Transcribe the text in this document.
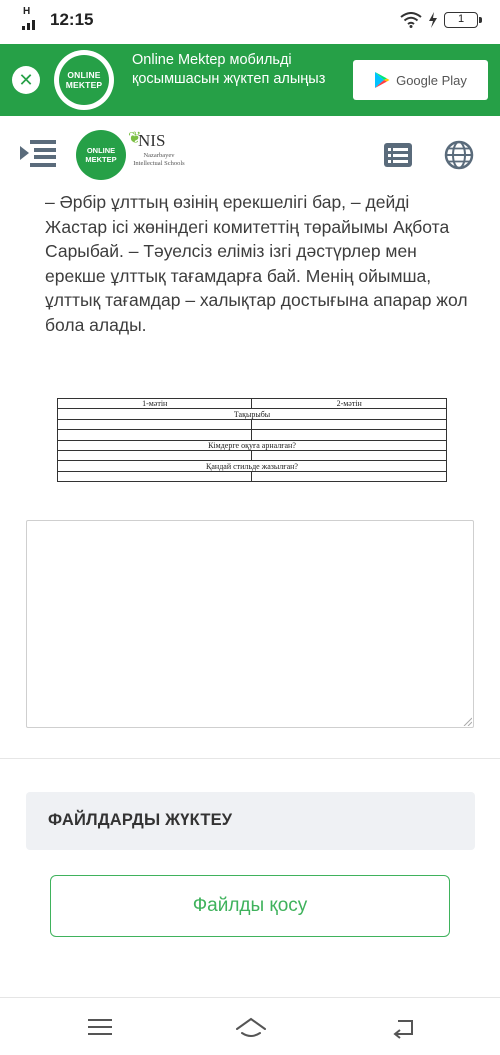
H 12:15	1
✕	ONLINE
MEKTEP
Online Mektep мобильді қосымшасын жүктеп алыңыз	Google Play
ONLINE
MEKTEP
❦
NIS
Nazarbayev Intellectual Schools
– Әрбір ұлттың өзінің ерекшелігі бар, – дейді Жастар ісі жөніндегі комитеттің төрайымы Ақбота Сарыбай. – Тәуелсіз еліміз ізгі дәстүрлер мен ерекше ұлттық тағамдарға бай. Менің ойымша, ұлттық тағамдар – халықтар достығына апарар жол бола алады.
1-мәтін	2-мәтін
Тақырыбы	

Кімдерге оқуға арналған?	

Қандай стильде жазылған?	

ФАЙЛДАРДЫ ЖҮКТЕУ
Файлды қосу
